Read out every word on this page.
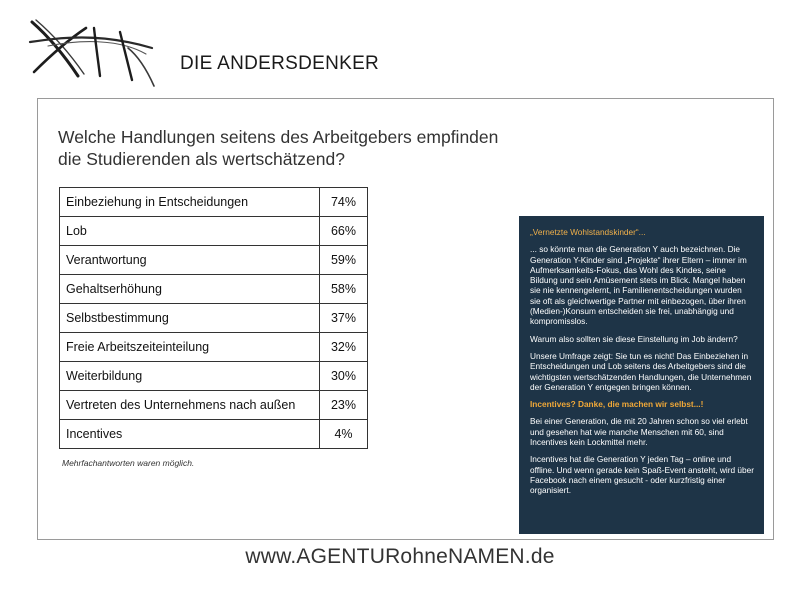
DIE ANDERSDENKER
Welche Handlungen seitens des Arbeitgebers empfinden
die Studierenden als wertschätzend?
Einbeziehung in Entscheidungen	74%
Lob	66%
Verantwortung	59%
Gehaltserhöhung	58%
Selbstbestimmung	37%
Freie Arbeitszeiteinteilung	32%
Weiterbildung	30%
Vertreten des Unternehmens nach außen	23%
Incentives	4%
Mehrfachantworten waren möglich.

„Vernetzte Wohlstandskinder“...

... so könnte man die Generation Y auch bezeichnen. Die Generation Y-Kinder sind „Projekte“ ihrer Eltern – immer im Aufmerksamkeits-Fokus, das Wohl des Kindes, seine Bildung und sein Amüsement stets im Blick. Mangel haben sie nie kennengelernt, in Familienentscheidungen wurden sie oft als gleichwertige Partner mit einbezogen, über ihren (Medien-)Konsum entscheiden sie frei, unabhängig und kompromisslos.

Warum also sollten sie diese Einstellung im Job ändern?

Unsere Umfrage zeigt: Sie tun es nicht! Das Einbeziehen in Entscheidungen und Lob seitens des Arbeitgebers sind die wichtigsten wertschätzenden Handlungen, die Unternehmen der Generation Y entgegen bringen können.

Incentives? Danke, die machen wir selbst...!

Bei einer Generation, die mit 20 Jahren schon so viel erlebt und gesehen hat wie manche Menschen mit 60, sind Incentives kein Lockmittel mehr.

Incentives hat die Generation Y jeden Tag – online und offline. Und wenn gerade kein Spaß-Event ansteht, wird über Facebook nach einem gesucht - oder kurzfristig einer organisiert.

www.AGENTURohneNAMEN.de
